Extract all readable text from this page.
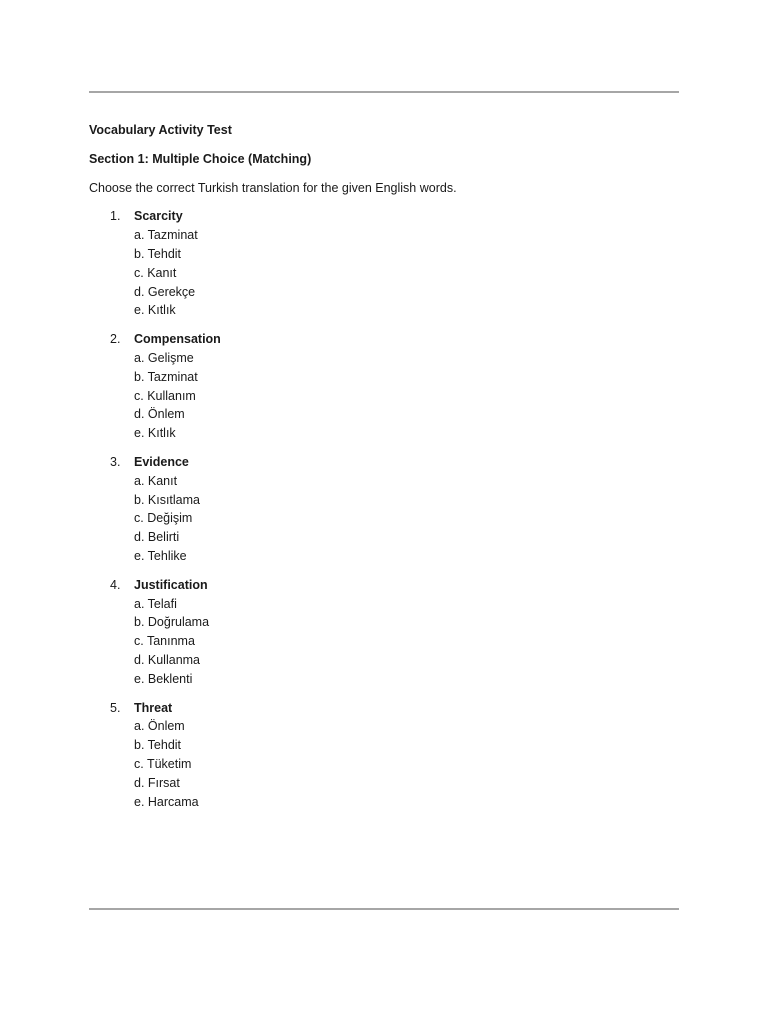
Vocabulary Activity Test

Section 1: Multiple Choice (Matching)

Choose the correct Turkish translation for the given English words.

1. Scarcity
a. Tazminat
b. Tehdit
c. Kanıt
d. Gerekçe
e. Kıtlık
2. Compensation
a. Gelişme
b. Tazminat
c. Kullanım
d. Önlem
e. Kıtlık
3. Evidence
a. Kanıt
b. Kısıtlama
c. Değişim
d. Belirti
e. Tehlike
4. Justification
a. Telafi
b. Doğrulama
c. Tanınma
d. Kullanma
e. Beklenti
5. Threat
a. Önlem
b. Tehdit
c. Tüketim
d. Fırsat
e. Harcama
